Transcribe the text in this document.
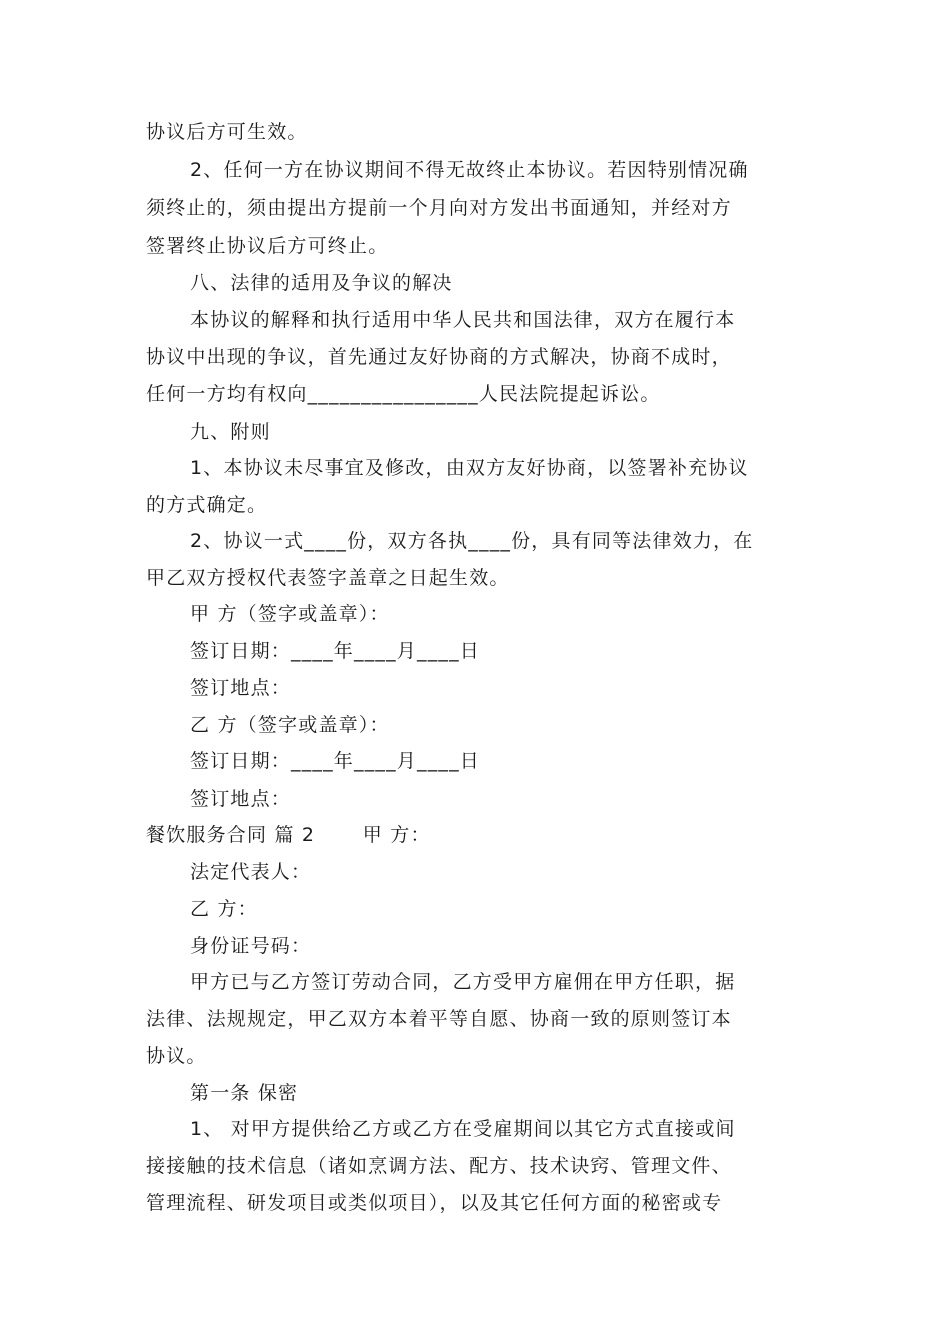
协议后方可生效。
2、任何一方在协议期间不得无故终止本协议。若因特别情况确
须终止的，须由提出方提前一个月向对方发出书面通知，并经对方
签署终止协议后方可终止。
八、法律的适用及争议的解决
本协议的解释和执行适用中华人民共和国法律，双方在履行本
协议中出现的争议，首先通过友好协商的方式解决，协商不成时，
任何一方均有权向________________人民法院提起诉讼。
九、附则
1、本协议未尽事宜及修改，由双方友好协商，以签署补充协议
的方式确定。
2、协议一式____份，双方各执____份，具有同等法律效力，在
甲乙双方授权代表签字盖章之日起生效。
甲 方（签字或盖章）：
签订日期：____年____月____日
签订地点：
乙 方（签字或盖章）：
签订日期：____年____月____日
签订地点：
餐饮服务合同 篇 2　　 甲 方：
法定代表人：
乙 方：
身份证号码：
甲方已与乙方签订劳动合同，乙方受甲方雇佣在甲方任职，据
法律、法规规定，甲乙双方本着平等自愿、协商一致的原则签订本
协议。
第一条 保密
1、 对甲方提供给乙方或乙方在受雇期间以其它方式直接或间
接接触的技术信息（诸如烹调方法、配方、技术诀窍、管理文件、
管理流程、研发项目或类似项目），以及其它任何方面的秘密或专
